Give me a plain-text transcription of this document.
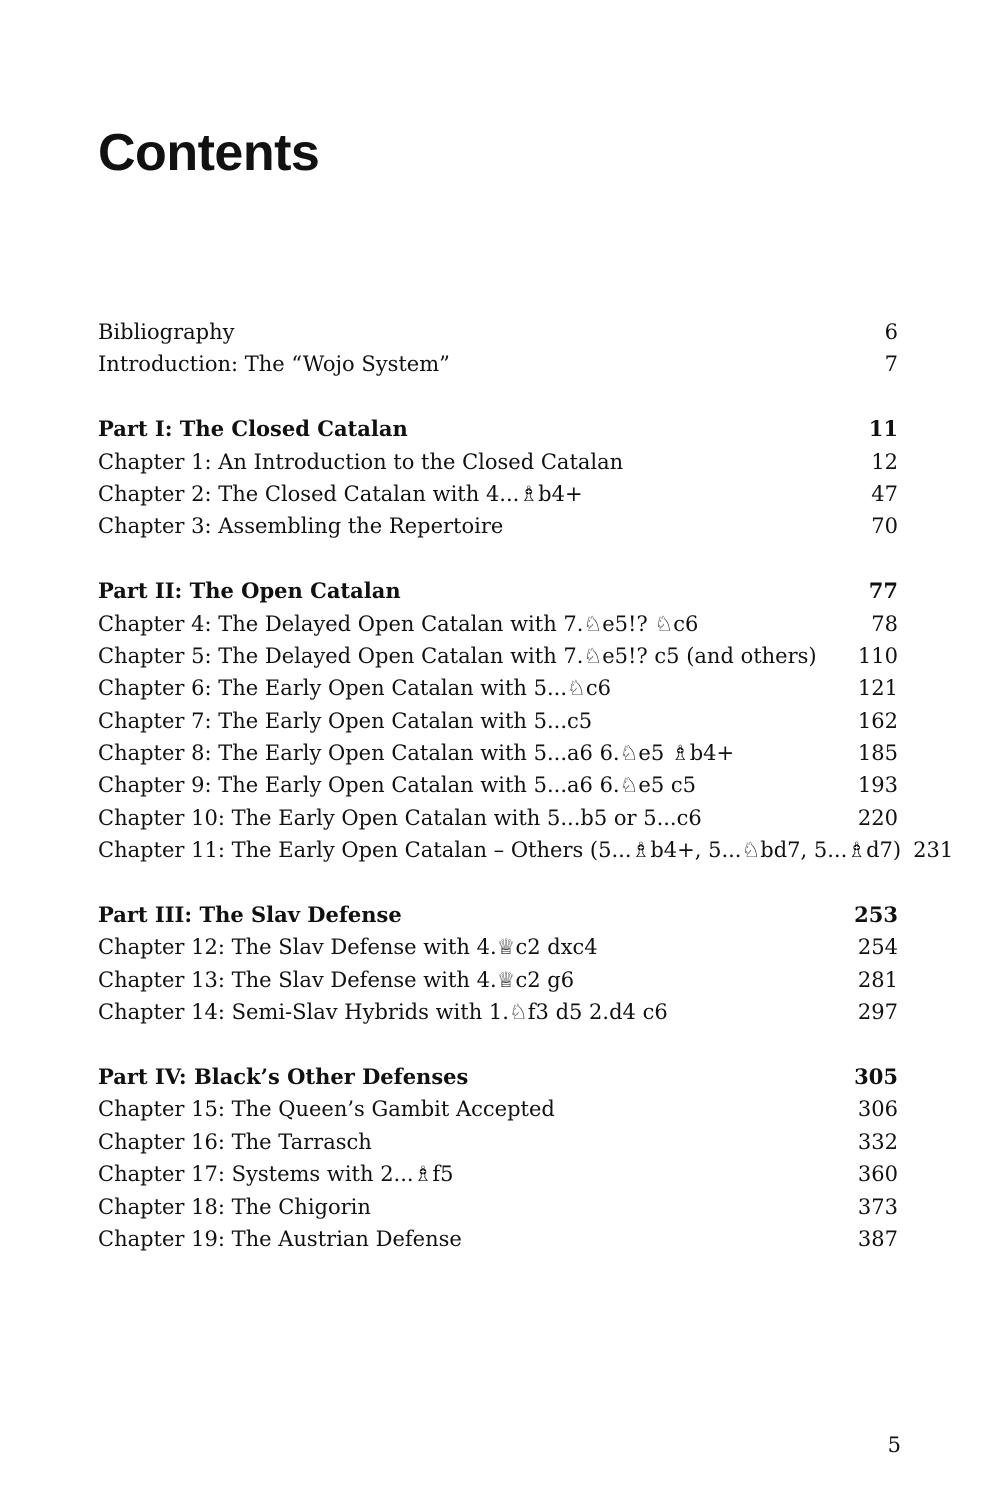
Contents
Bibliography	6
Introduction: The “Wojo System”	7
Part I: The Closed Catalan	11
Chapter 1: An Introduction to the Closed Catalan	12
Chapter 2: The Closed Catalan with 4...♗b4+	47
Chapter 3: Assembling the Repertoire	70
Part II: The Open Catalan	77
Chapter 4: The Delayed Open Catalan with 7.♘e5!? ♘c6	78
Chapter 5: The Delayed Open Catalan with 7.♘e5!? c5 (and others)	110
Chapter 6: The Early Open Catalan with 5...♘c6	121
Chapter 7: The Early Open Catalan with 5...c5	162
Chapter 8: The Early Open Catalan with 5...a6 6.♘e5 ♗b4+	185
Chapter 9: The Early Open Catalan with 5...a6 6.♘e5 c5	193
Chapter 10: The Early Open Catalan with 5...b5 or 5...c6	220
Chapter 11: The Early Open Catalan – Others (5...♗b4+, 5...♘bd7, 5...♗d7) 231
Part III: The Slav Defense	253
Chapter 12: The Slav Defense with 4.♕c2 dxc4	254
Chapter 13: The Slav Defense with 4.♕c2 g6	281
Chapter 14: Semi-Slav Hybrids with 1.♘f3 d5 2.d4 c6	297
Part IV: Black’s Other Defenses	305
Chapter 15: The Queen’s Gambit Accepted	306
Chapter 16: The Tarrasch	332
Chapter 17: Systems with 2...♗f5	360
Chapter 18: The Chigorin	373
Chapter 19: The Austrian Defense	387
5
